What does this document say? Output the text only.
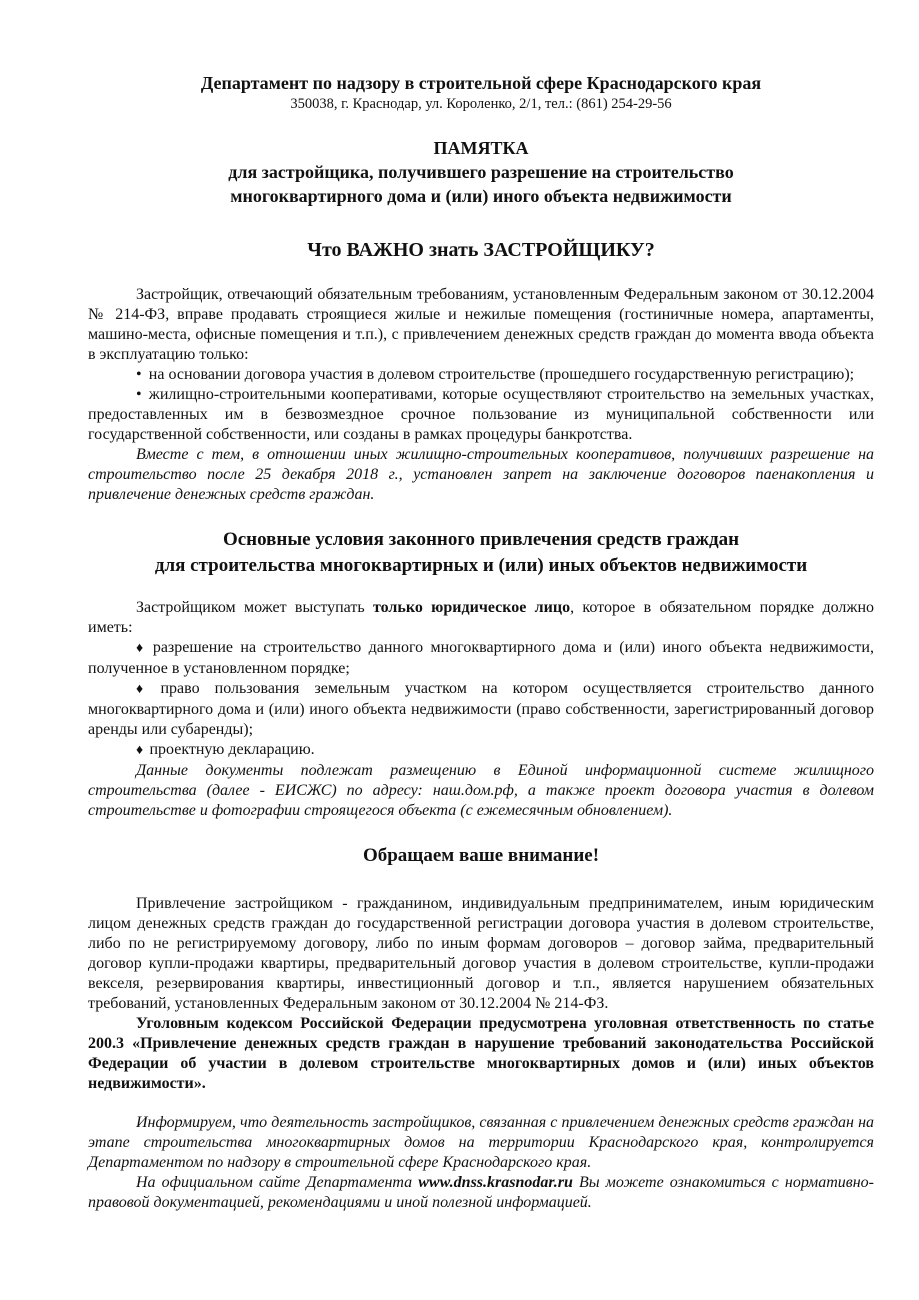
Департамент по надзору в строительной сфере Краснодарского края
350038, г. Краснодар, ул. Короленко, 2/1, тел.: (861) 254-29-56
ПАМЯТКА
для застройщика, получившего разрешение на строительство
многоквартирного дома и (или) иного объекта недвижимости
Что ВАЖНО знать ЗАСТРОЙЩИКУ?

Застройщик, отвечающий обязательным требованиям, установленным Федеральным законом от 30.12.2004 № 214-ФЗ, вправе продавать строящиеся жилые и нежилые помещения (гостиничные номера, апартаменты, машино-места, офисные помещения и т.п.), с привлечением денежных средств граждан до момента ввода объекта в эксплуатацию только:

• на основании договора участия в долевом строительстве (прошедшего государственную регистрацию);

• жилищно-строительными кооперативами, которые осуществляют строительство на земельных участках, предоставленных им в безвозмездное срочное пользование из муниципальной собственности или государственной собственности, или созданы в рамках процедуры банкротства.

Вместе с тем, в отношении иных жилищно-строительных кооперативов, получивших разрешение на строительство после 25 декабря 2018 г., установлен запрет на заключение договоров паенакопления и привлечение денежных средств граждан.

Основные условия законного привлечения средств граждан
для строительства многоквартирных и (или) иных объектов недвижимости

Застройщиком может выступать только юридическое лицо, которое в обязательном порядке должно иметь:

♦ разрешение на строительство данного многоквартирного дома и (или) иного объекта недвижимости, полученное в установленном порядке;

♦ право пользования земельным участком на котором осуществляется строительство данного многоквартирного дома и (или) иного объекта недвижимости (право собственности, зарегистрированный договор аренды или субаренды);

♦ проектную декларацию.

Данные документы подлежат размещению в Единой информационной системе жилищного строительства (далее - ЕИСЖС) по адресу: наш.дом.рф, а также проект договора участия в долевом строительстве и фотографии строящегося объекта (с ежемесячным обновлением).

Обращаем ваше внимание!

Привлечение застройщиком - гражданином, индивидуальным предпринимателем, иным юридическим лицом денежных средств граждан до государственной регистрации договора участия в долевом строительстве, либо по не регистрируемому договору, либо по иным формам договоров – договор займа, предварительный договор купли-продажи квартиры, предварительный договор участия в долевом строительстве, купли-продажи векселя, резервирования квартиры, инвестиционный договор и т.п., является нарушением обязательных требований, установленных Федеральным законом от 30.12.2004 № 214-ФЗ.

Уголовным кодексом Российской Федерации предусмотрена уголовная ответственность по статье 200.3 «Привлечение денежных средств граждан в нарушение требований законодательства Российской Федерации об участии в долевом строительстве многоквартирных домов и (или) иных объектов недвижимости».

Информируем, что деятельность застройщиков, связанная с привлечением денежных средств граждан на этапе строительства многоквартирных домов на территории Краснодарского края, контролируется Департаментом по надзору в строительной сфере Краснодарского края.

На официальном сайте Департамента www.dnss.krasnodar.ru Вы можете ознакомиться с нормативно-правовой документацией, рекомендациями и иной полезной информацией.
